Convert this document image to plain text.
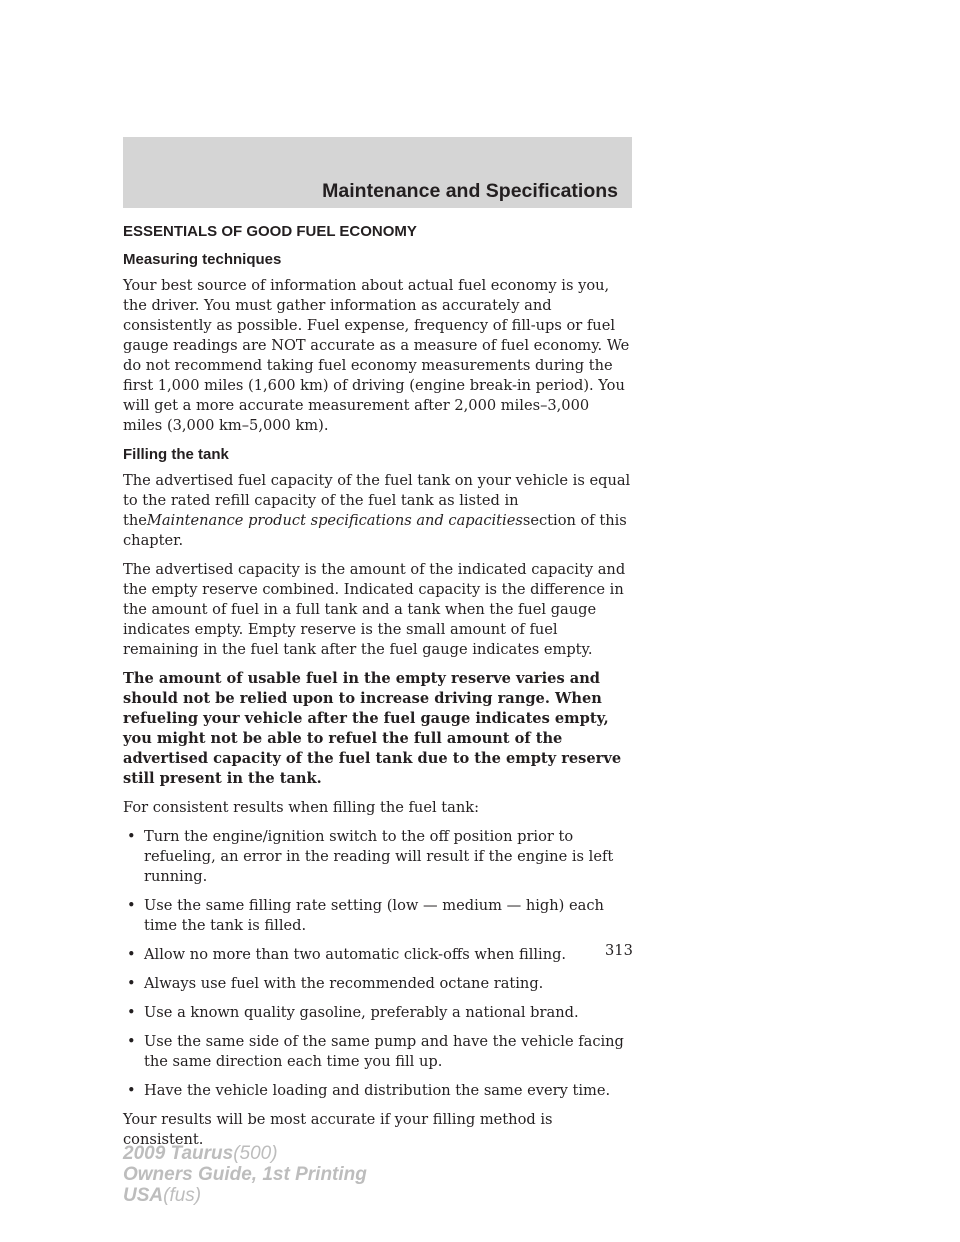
Maintenance and Specifications
ESSENTIALS OF GOOD FUEL ECONOMY
Measuring techniques

Your best source of information about actual fuel economy is you, the driver. You must gather information as accurately and consistently as possible. Fuel expense, frequency of fill-ups or fuel gauge readings are NOT accurate as a measure of fuel economy. We do not recommend taking fuel economy measurements during the first 1,000 miles (1,600 km) of driving (engine break-in period). You will get a more accurate measurement after 2,000 miles–3,000 miles (3,000 km–5,000 km).

Filling the tank

The advertised fuel capacity of the fuel tank on your vehicle is equal to the rated refill capacity of the fuel tank as listed in theMaintenance product specifications and capacitiessection of this chapter.

The advertised capacity is the amount of the indicated capacity and the empty reserve combined. Indicated capacity is the difference in the amount of fuel in a full tank and a tank when the fuel gauge indicates empty. Empty reserve is the small amount of fuel remaining in the fuel tank after the fuel gauge indicates empty.

The amount of usable fuel in the empty reserve varies and should not be relied upon to increase driving range. When refueling your vehicle after the fuel gauge indicates empty, you might not be able to refuel the full amount of the advertised capacity of the fuel tank due to the empty reserve still present in the tank.

For consistent results when filling the fuel tank:

• Turn the engine/ignition switch to the off position prior to refueling, an error in the reading will result if the engine is left running.
• Use the same filling rate setting (low — medium — high) each time the tank is filled.
• Allow no more than two automatic click-offs when filling.
• Always use fuel with the recommended octane rating.
• Use a known quality gasoline, preferably a national brand.
• Use the same side of the same pump and have the vehicle facing the same direction each time you fill up.
• Have the vehicle loading and distribution the same every time.

Your results will be most accurate if your filling method is consistent.

313
2009 Taurus(500)
Owners Guide, 1st Printing
USA(fus)
